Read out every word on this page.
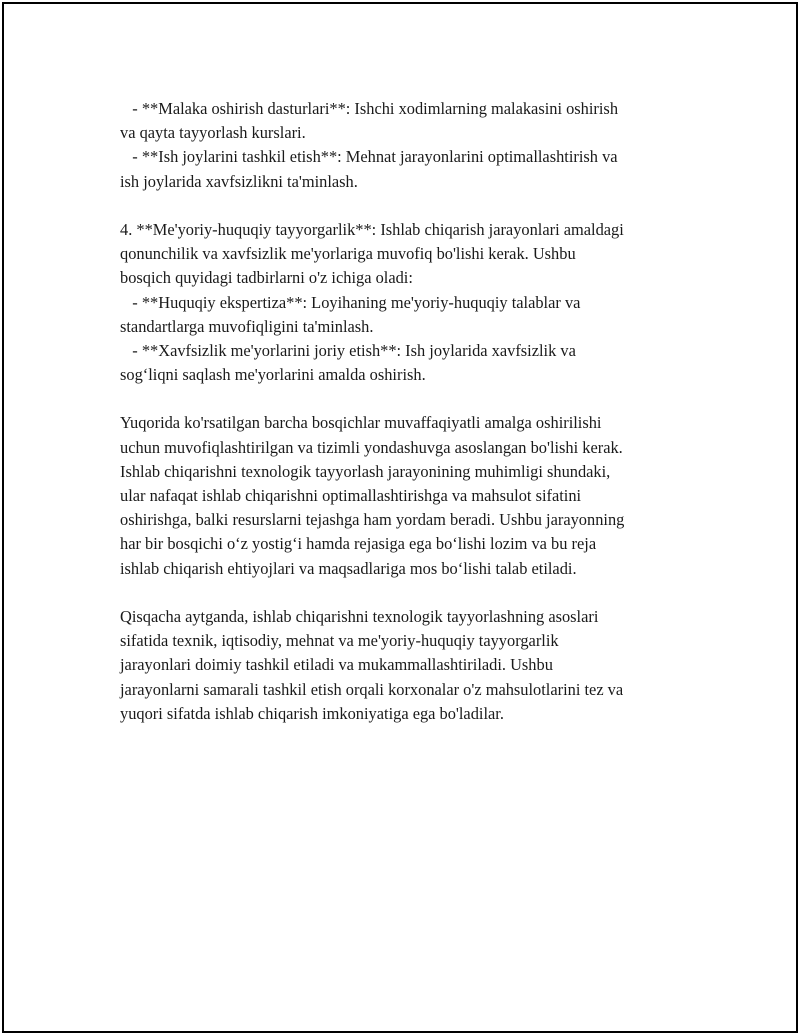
- **Malaka oshirish dasturlari**: Ishchi xodimlarning malakasini oshirish
va qayta tayyorlash kurslari.
- **Ish joylarini tashkil etish**: Mehnat jarayonlarini optimallashtirish va
ish joylarida xavfsizlikni ta'minlash.
4. **Me'yoriy-huquqiy tayyorgarlik**: Ishlab chiqarish jarayonlari amaldagi
qonunchilik va xavfsizlik me'yorlariga muvofiq bo'lishi kerak. Ushbu
bosqich quyidagi tadbirlarni o'z ichiga oladi:
- **Huquqiy ekspertiza**: Loyihaning me'yoriy-huquqiy talablar va
standartlarga muvofiqligini ta'minlash.
- **Xavfsizlik me'yorlarini joriy etish**: Ish joylarida xavfsizlik va
sog‘liqni saqlash me'yorlarini amalda oshirish.
Yuqorida ko'rsatilgan barcha bosqichlar muvaffaqiyatli amalga oshirilishi
uchun muvofiqlashtirilgan va tizimli yondashuvga asoslangan bo'lishi kerak.
Ishlab chiqarishni texnologik tayyorlash jarayonining muhimligi shundaki,
ular nafaqat ishlab chiqarishni optimallashtirishga va mahsulot sifatini
oshirishga, balki resurslarni tejashga ham yordam beradi. Ushbu jarayonning
har bir bosqichi o‘z yostig‘i hamda rejasiga ega bo‘lishi lozim va bu reja
ishlab chiqarish ehtiyojlari va maqsadlariga mos bo‘lishi talab etiladi.
Qisqacha aytganda, ishlab chiqarishni texnologik tayyorlashning asoslari
sifatida texnik, iqtisodiy, mehnat va me'yoriy-huquqiy tayyorgarlik
jarayonlari doimiy tashkil etiladi va mukammallashtiriladi. Ushbu
jarayonlarni samarali tashkil etish orqali korxonalar o'z mahsulotlarini tez va
yuqori sifatda ishlab chiqarish imkoniyatiga ega bo'ladilar.
